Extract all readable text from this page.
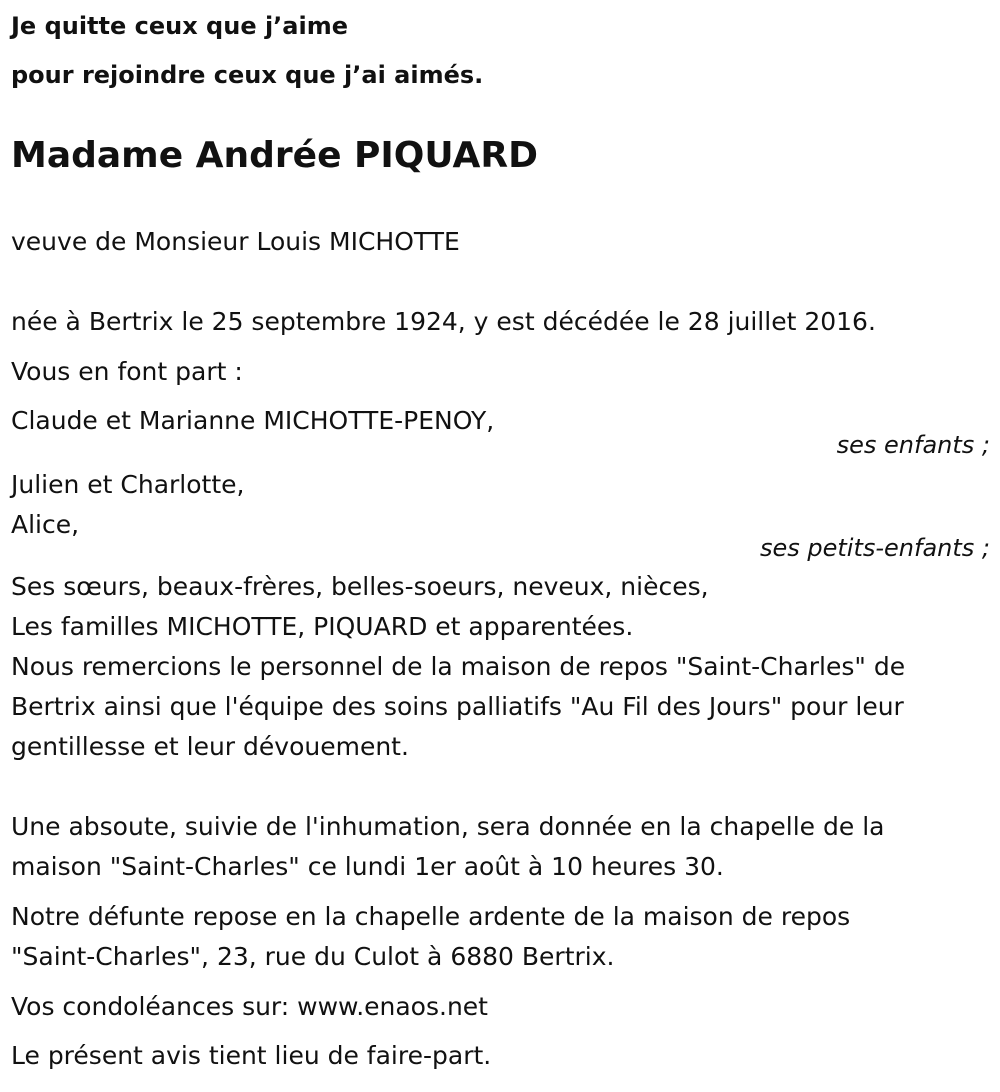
Je quitte ceux que j’aime
pour rejoindre ceux que j’ai aimés.
Madame Andrée PIQUARD
veuve de Monsieur Louis MICHOTTE
née à Bertrix le 25 septembre 1924, y est décédée le 28 juillet 2016.
Vous en font part :
Claude et Marianne MICHOTTE-PENOY,
ses enfants ;
Julien et Charlotte,
Alice,
ses petits-enfants ;
Ses sœurs, beaux-frères, belles-soeurs, neveux, nièces,
Les familles MICHOTTE, PIQUARD et apparentées.
Nous remercions le personnel de la maison de repos "Saint-Charles" de
Bertrix ainsi que l'équipe des soins palliatifs "Au Fil des Jours" pour leur
gentillesse et leur dévouement.
Une absoute, suivie de l'inhumation, sera donnée en la chapelle de la
maison "Saint-Charles" ce lundi 1er août à 10 heures 30.
Notre défunte repose en la chapelle ardente de la maison de repos
"Saint-Charles", 23, rue du Culot à 6880 Bertrix.
Vos condoléances sur: www.enaos.net
Le présent avis tient lieu de faire-part.
